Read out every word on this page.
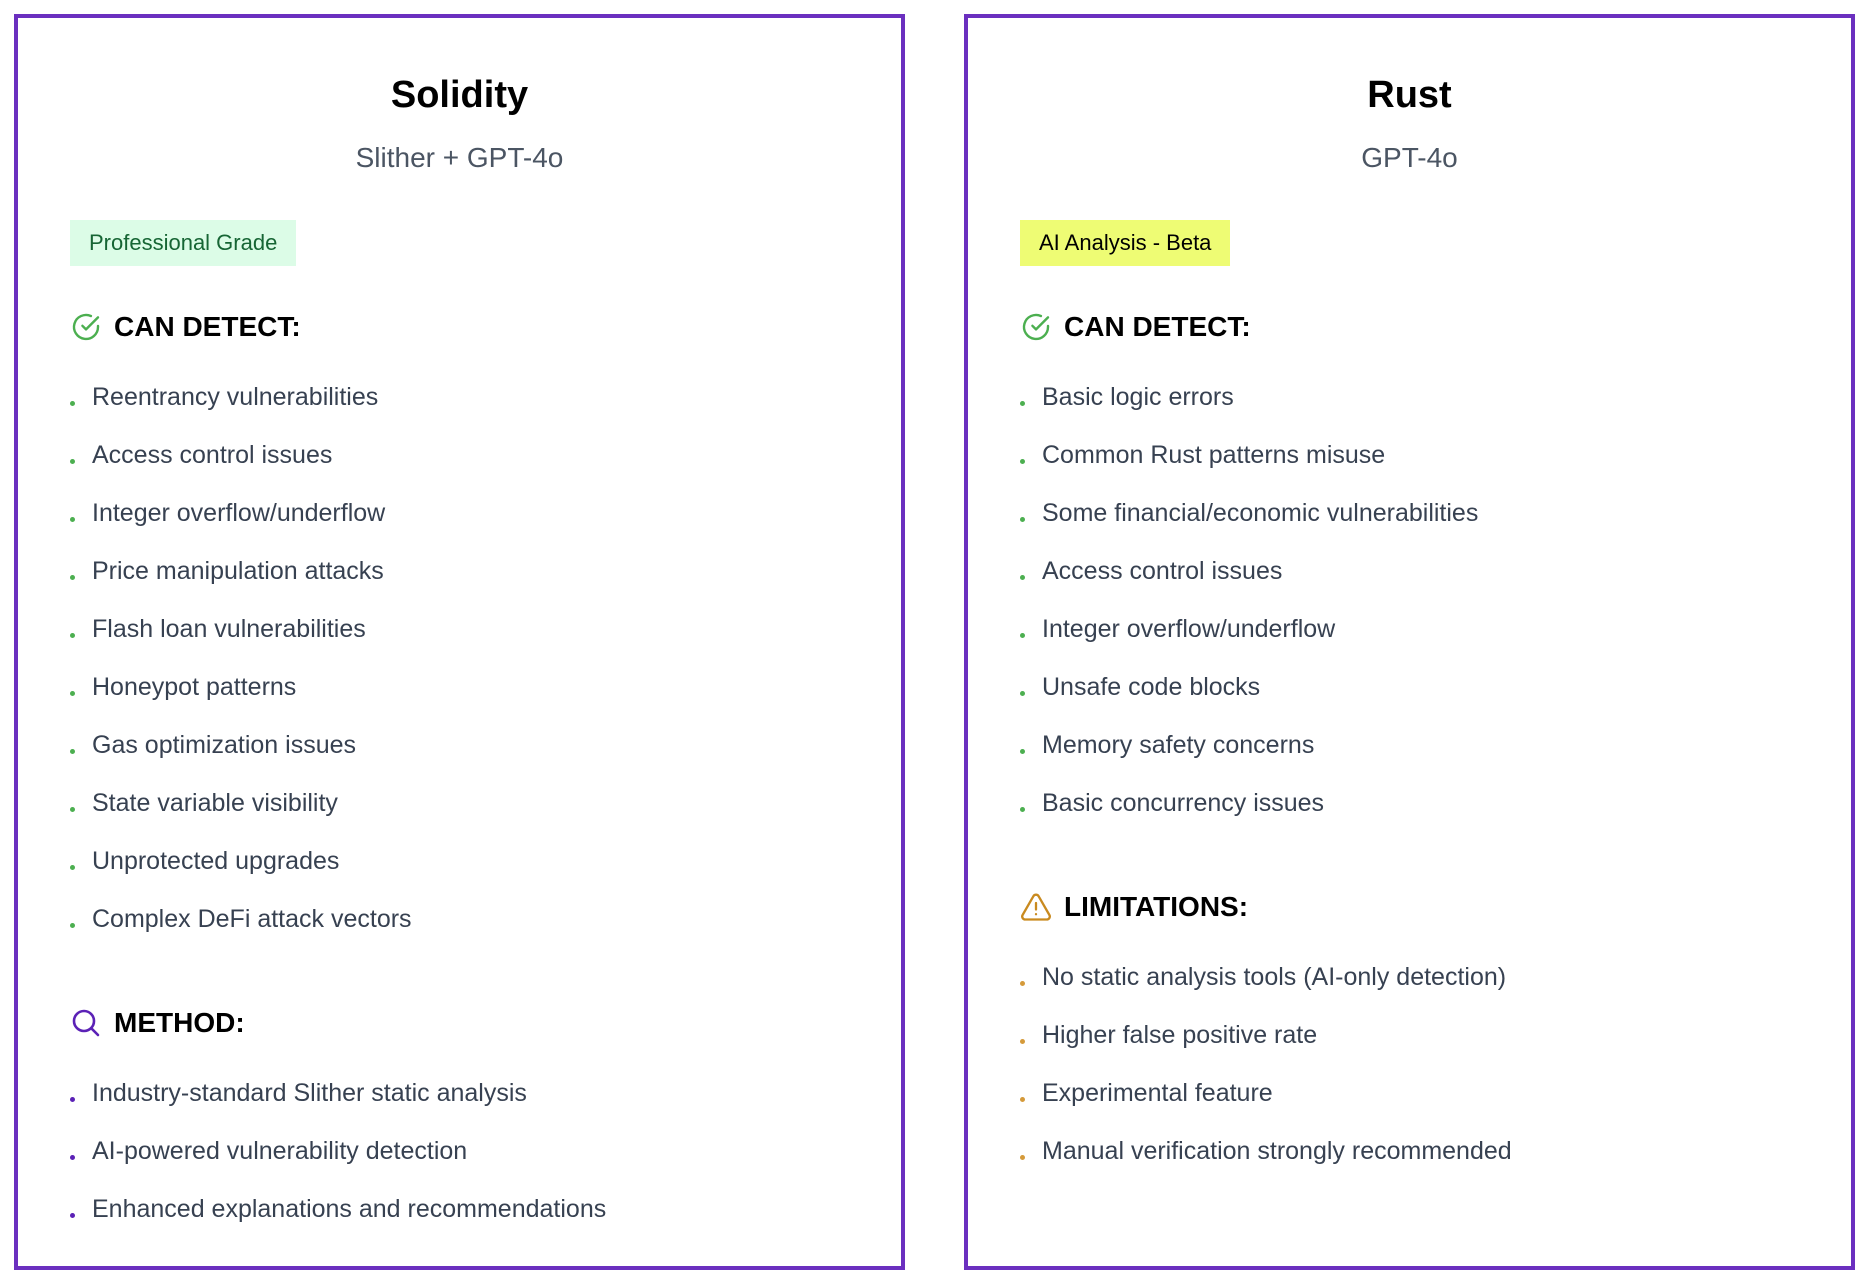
Solidity
Slither + GPT-4o
Professional Grade
CAN DETECT:
Reentrancy vulnerabilities
Access control issues
Integer overflow/underflow
Price manipulation attacks
Flash loan vulnerabilities
Honeypot patterns
Gas optimization issues
State variable visibility
Unprotected upgrades
Complex DeFi attack vectors
METHOD:
Industry-standard Slither static analysis
AI-powered vulnerability detection
Enhanced explanations and recommendations
Rust
GPT-4o
AI Analysis - Beta
CAN DETECT:
Basic logic errors
Common Rust patterns misuse
Some financial/economic vulnerabilities
Access control issues
Integer overflow/underflow
Unsafe code blocks
Memory safety concerns
Basic concurrency issues
LIMITATIONS:
No static analysis tools (AI-only detection)
Higher false positive rate
Experimental feature
Manual verification strongly recommended
